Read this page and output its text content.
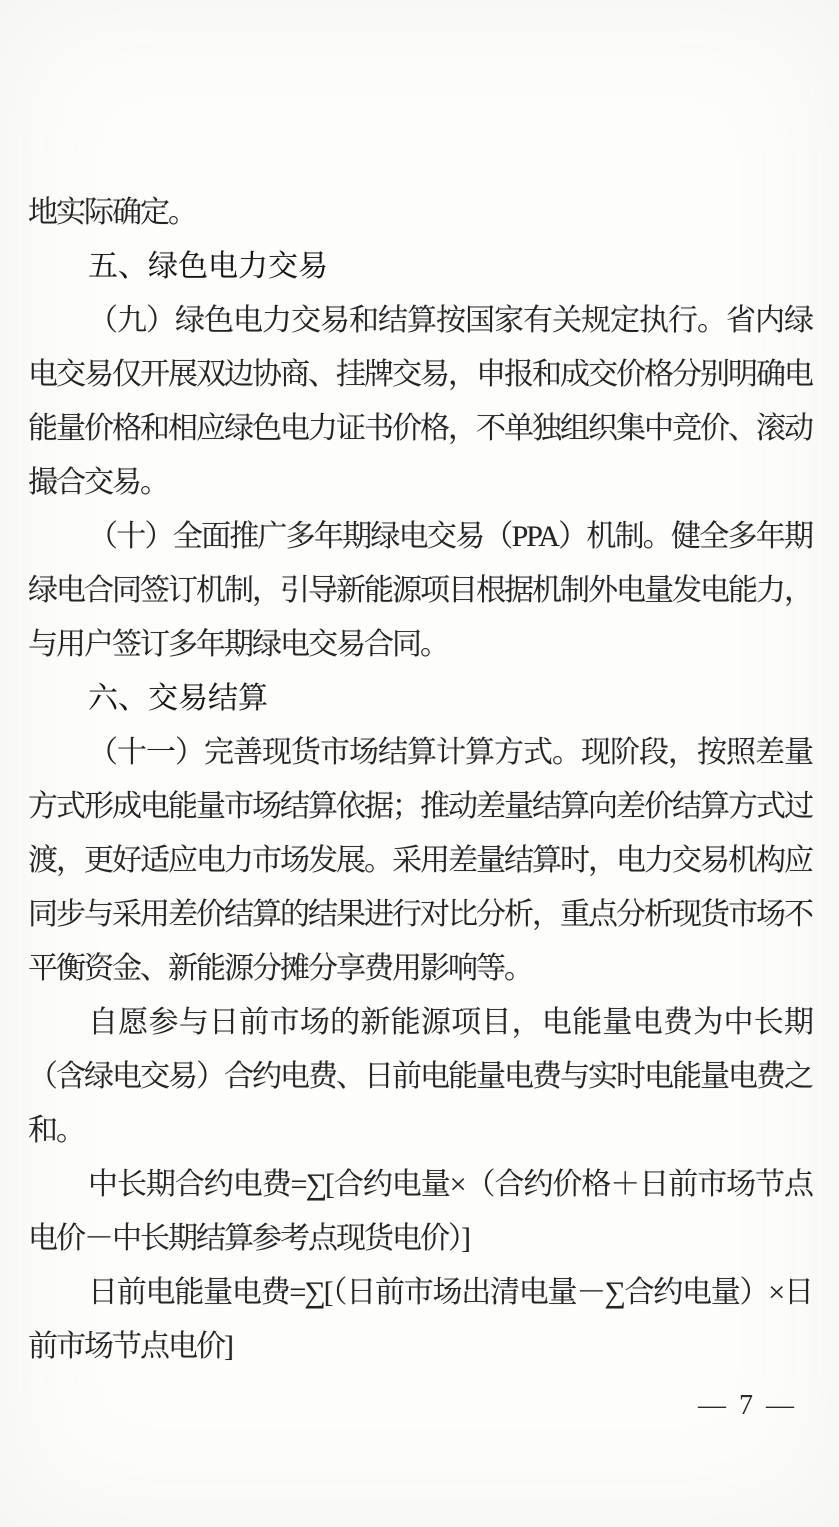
地实际确定。

五、绿色电力交易

（九）绿色电力交易和结算按国家有关规定执行。省内绿电交易仅开展双边协商、挂牌交易，申报和成交价格分别明确电能量价格和相应绿色电力证书价格，不单独组织集中竞价、滚动撮合交易。

（十）全面推广多年期绿电交易（PPA）机制。健全多年期绿电合同签订机制，引导新能源项目根据机制外电量发电能力，与用户签订多年期绿电交易合同。

六、交易结算

（十一）完善现货市场结算计算方式。现阶段，按照差量方式形成电能量市场结算依据；推动差量结算向差价结算方式过渡，更好适应电力市场发展。采用差量结算时，电力交易机构应同步与采用差价结算的结果进行对比分析，重点分析现货市场不平衡资金、新能源分摊分享费用影响等。

自愿参与日前市场的新能源项目，电能量电费为中长期（含绿电交易）合约电费、日前电能量电费与实时电能量电费之和。

中长期合约电费=∑[合约电量×（合约价格＋日前市场节点电价－中长期结算参考点现货电价）]

日前电能量电费=∑[（日前市场出清电量－∑合约电量）×日前市场节点电价]

— 7 —
